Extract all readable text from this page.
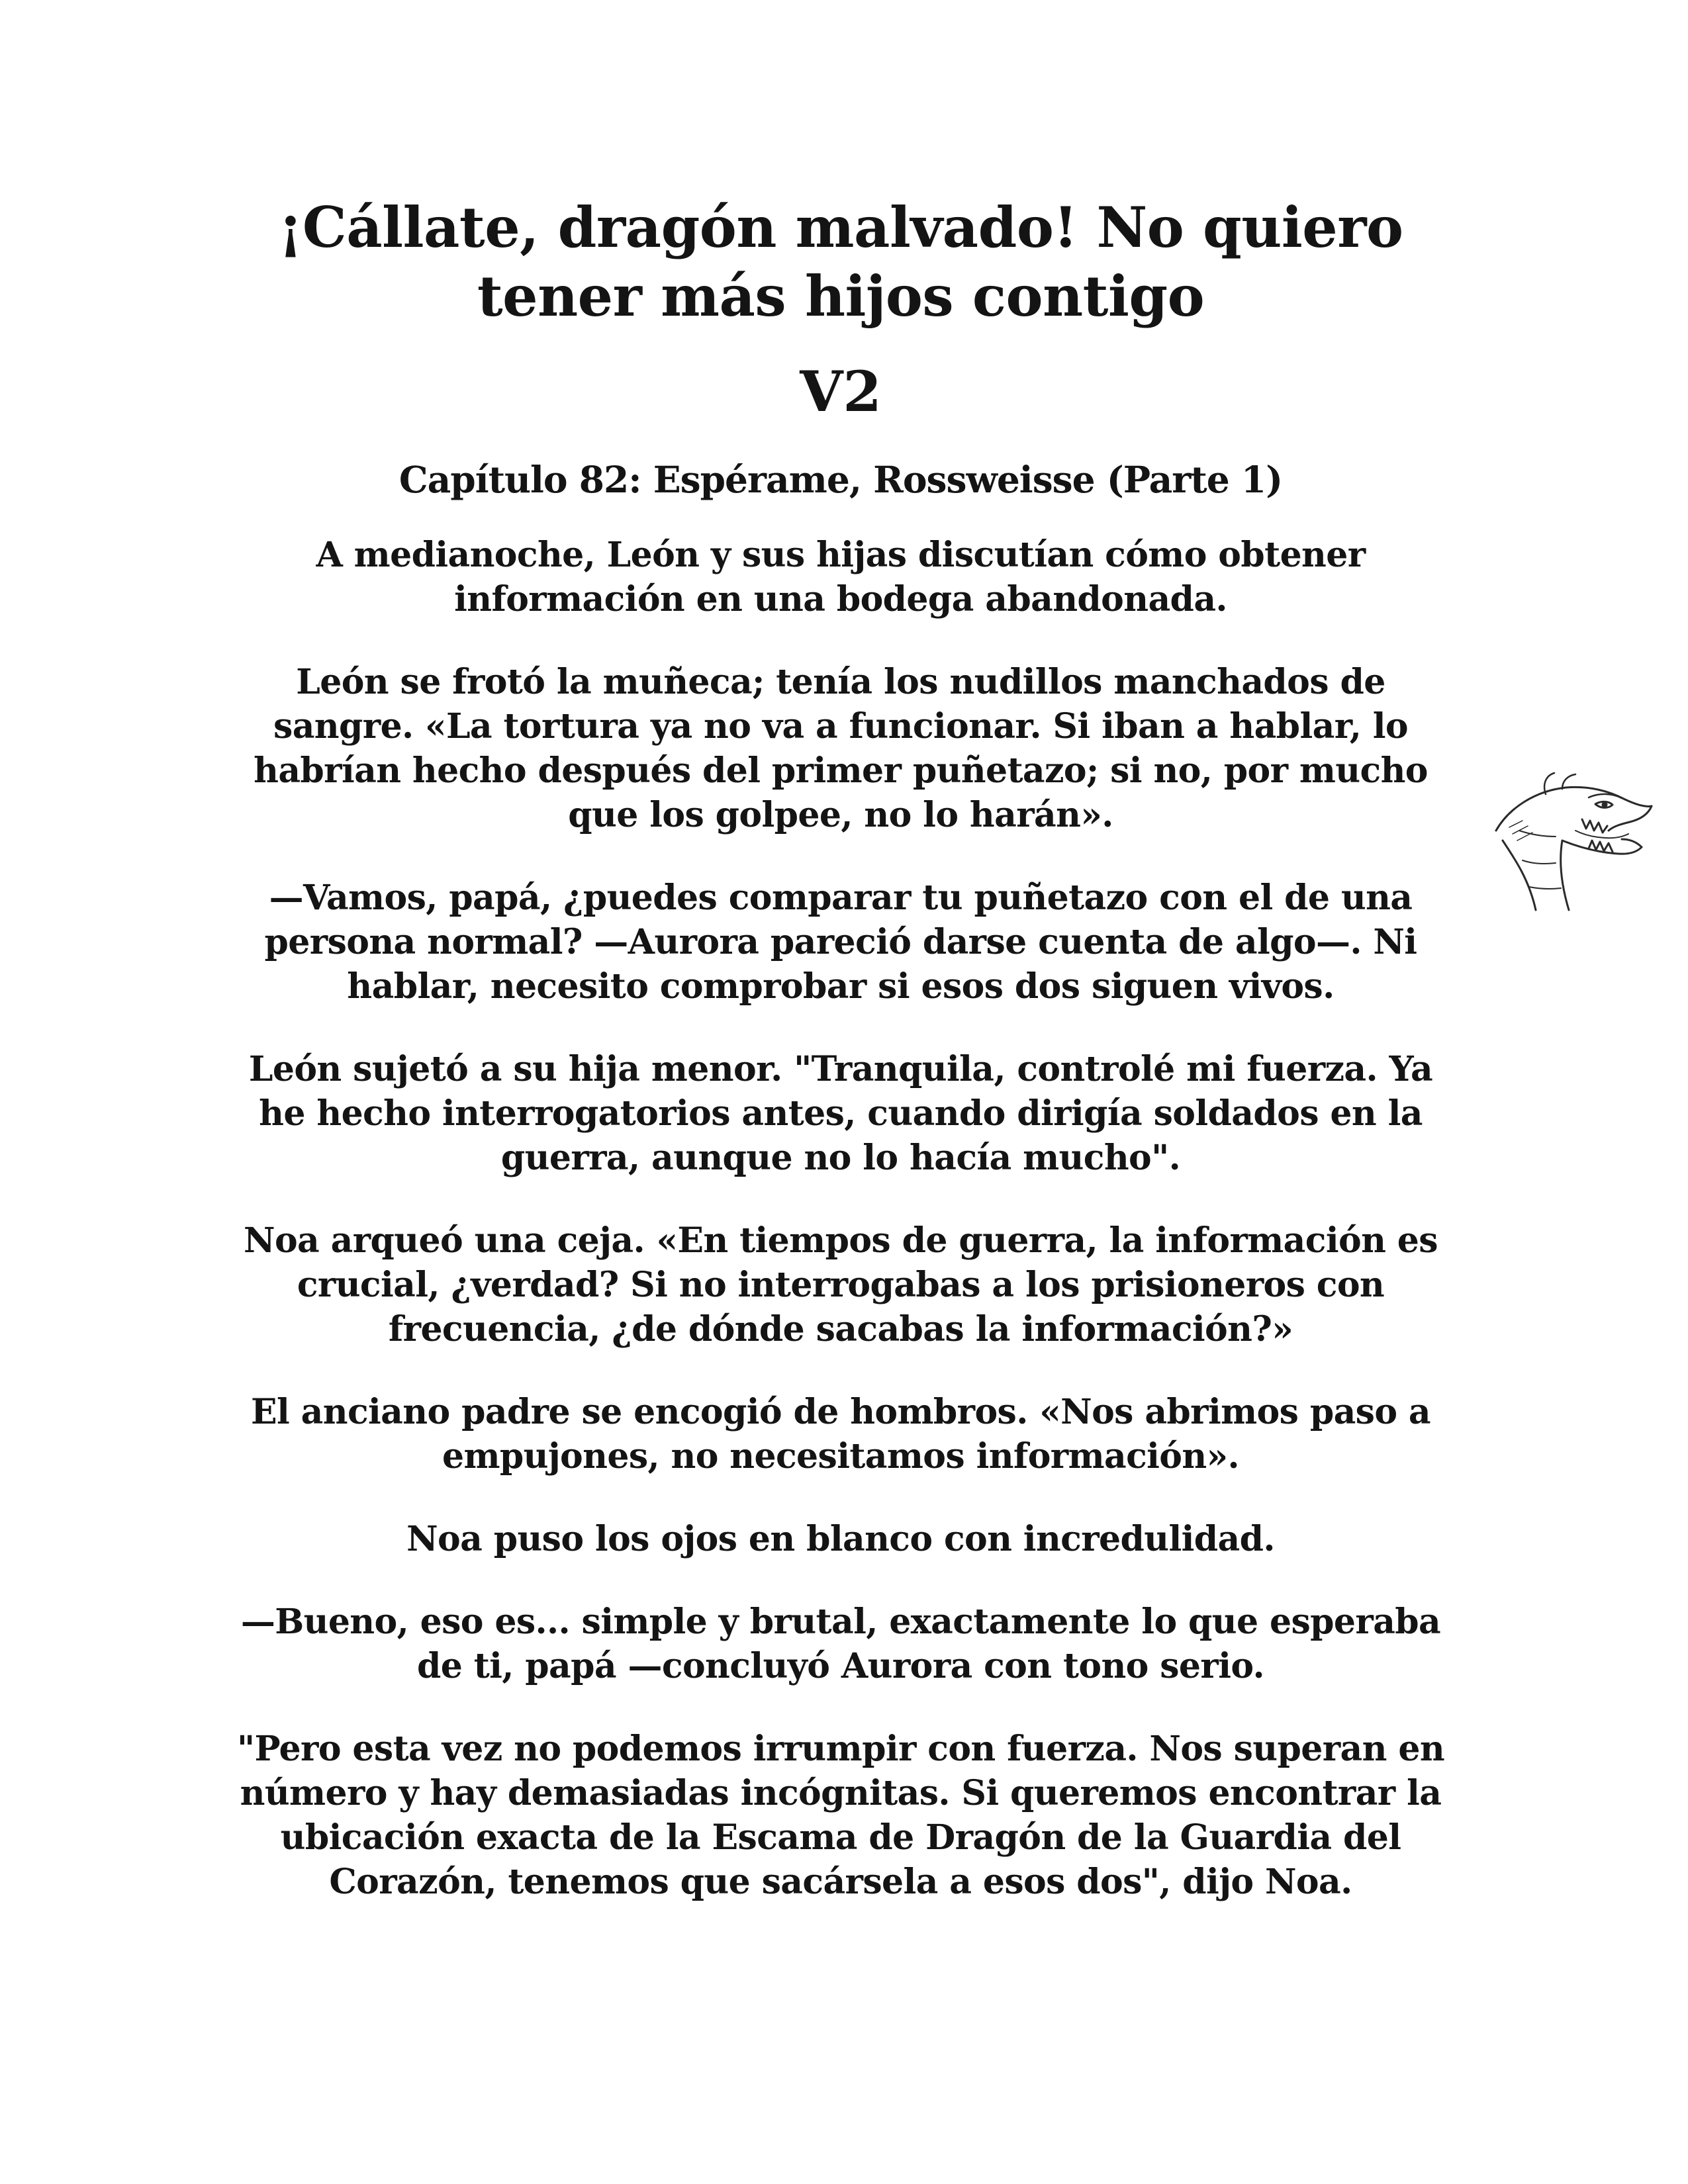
¡Cállate, dragón malvado! No quiero tener más hijos contigo
V2
Capítulo 82: Espérame, Rossweisse (Parte 1)

A medianoche, León y sus hijas discutían cómo obtener información en una bodega abandonada.

León se frotó la muñeca; tenía los nudillos manchados de sangre. «La tortura ya no va a funcionar. Si iban a hablar, lo habrían hecho después del primer puñetazo; si no, por mucho que los golpee, no lo harán».

—Vamos, papá, ¿puedes comparar tu puñetazo con el de una persona normal? —Aurora pareció darse cuenta de algo—. Ni hablar, necesito comprobar si esos dos siguen vivos.

León sujetó a su hija menor. "Tranquila, controlé mi fuerza. Ya he hecho interrogatorios antes, cuando dirigía soldados en la guerra, aunque no lo hacía mucho".

Noa arqueó una ceja. «En tiempos de guerra, la información es crucial, ¿verdad? Si no interrogabas a los prisioneros con frecuencia, ¿de dónde sacabas la información?»

El anciano padre se encogió de hombros. «Nos abrimos paso a empujones, no necesitamos información».

Noa puso los ojos en blanco con incredulidad.

—Bueno, eso es... simple y brutal, exactamente lo que esperaba de ti, papá —concluyó Aurora con tono serio.

"Pero esta vez no podemos irrumpir con fuerza. Nos superan en número y hay demasiadas incógnitas. Si queremos encontrar la ubicación exacta de la Escama de Dragón de la Guardia del Corazón, tenemos que sacársela a esos dos", dijo Noa.
